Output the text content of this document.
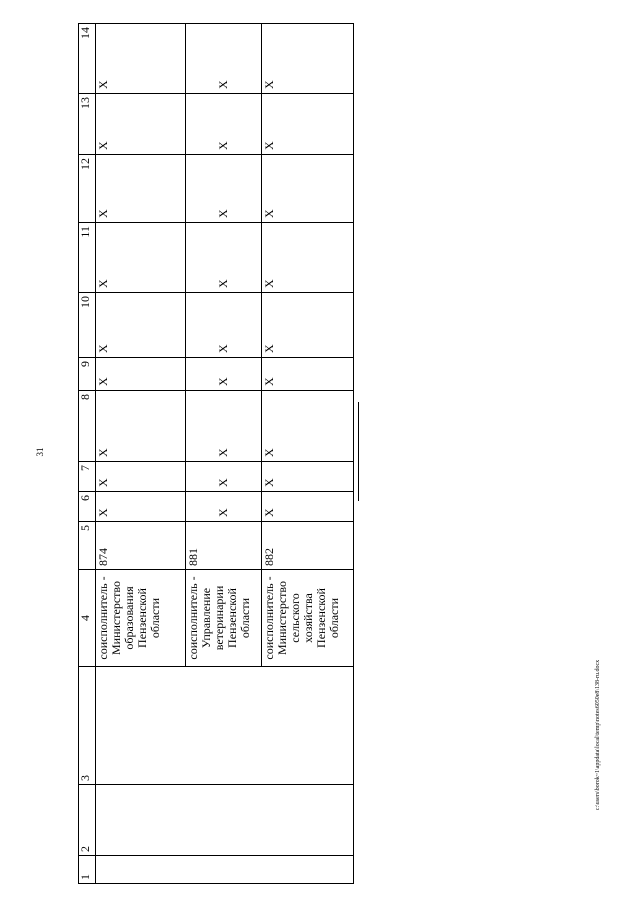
31
1	2	3	4	5	6	7	8	9	10	11	12	13	14
			соисполнитель - Министерство образования Пензенской области	874	X	X	X	X	X	X	X	X	X
			соисполнитель - Управление ветеринарии Пензенской области	881	X	X	X	X	X	X	X	X	X
			соисполнитель - Министерство сельского хозяйства Пензенской области	882	X	X	X	X	X	X	X	X	X
c:\users\borok~1\appdata\local\temp\notes6050e8\138-ru.docx
